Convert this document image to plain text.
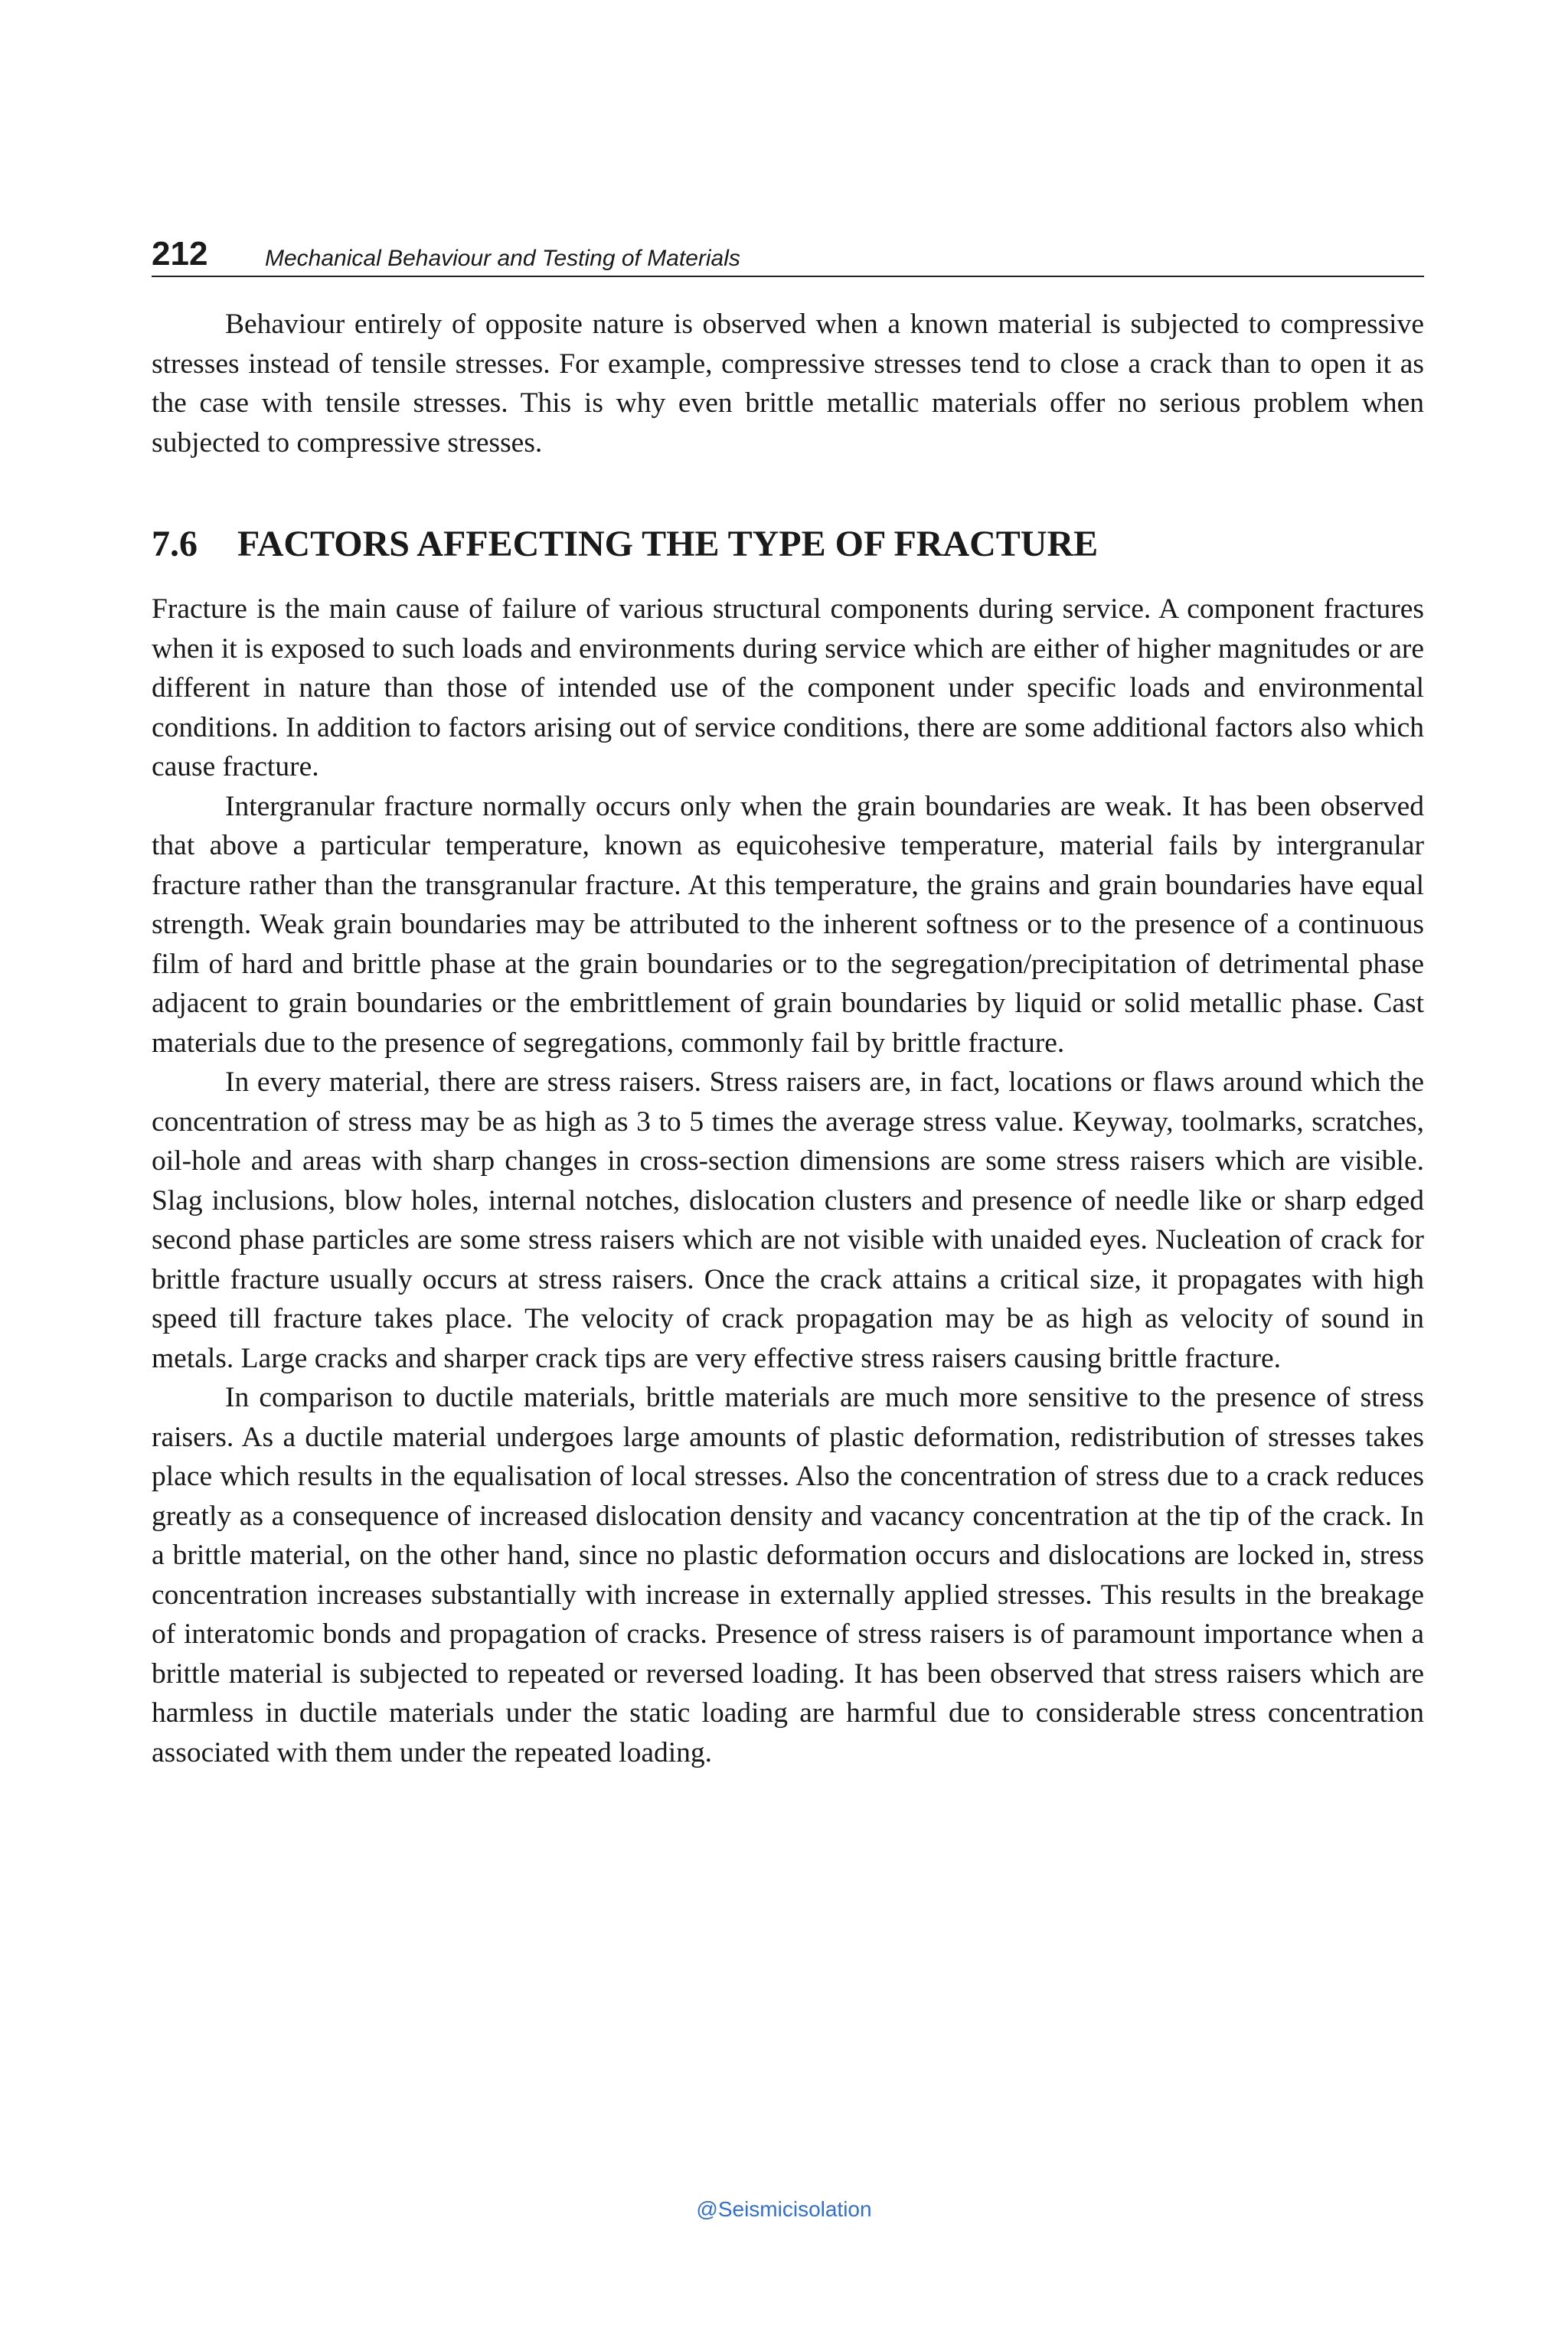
212 Mechanical Behaviour and Testing of Materials

Behaviour entirely of opposite nature is observed when a known material is subjected to compressive stresses instead of tensile stresses. For example, compressive stresses tend to close a crack than to open it as the case with tensile stresses. This is why even brittle metallic materials offer no serious problem when subjected to compressive stresses.

7.6 FACTORS AFFECTING THE TYPE OF FRACTURE

Fracture is the main cause of failure of various structural components during service. A component fractures when it is exposed to such loads and environments during service which are either of higher magnitudes or are different in nature than those of intended use of the component under specific loads and environmental conditions. In addition to factors arising out of service conditions, there are some additional factors also which cause fracture.

Intergranular fracture normally occurs only when the grain boundaries are weak. It has been observed that above a particular temperature, known as equicohesive temperature, material fails by intergranular fracture rather than the transgranular fracture. At this temperature, the grains and grain boundaries have equal strength. Weak grain boundaries may be attributed to the inherent softness or to the presence of a continuous film of hard and brittle phase at the grain boundaries or to the segregation/precipitation of detrimental phase adjacent to grain boundaries or the embrittlement of grain boundaries by liquid or solid metallic phase. Cast materials due to the presence of segregations, commonly fail by brittle fracture.

In every material, there are stress raisers. Stress raisers are, in fact, locations or flaws around which the concentration of stress may be as high as 3 to 5 times the average stress value. Keyway, toolmarks, scratches, oil-hole and areas with sharp changes in cross-section dimensions are some stress raisers which are visible. Slag inclusions, blow holes, internal notches, dislocation clusters and presence of needle like or sharp edged second phase particles are some stress raisers which are not visible with unaided eyes. Nucleation of crack for brittle fracture usually occurs at stress raisers. Once the crack attains a critical size, it propagates with high speed till fracture takes place. The velocity of crack propagation may be as high as velocity of sound in metals. Large cracks and sharper crack tips are very effective stress raisers causing brittle fracture.

In comparison to ductile materials, brittle materials are much more sensitive to the presence of stress raisers. As a ductile material undergoes large amounts of plastic deformation, redistribution of stresses takes place which results in the equalisation of local stresses. Also the concentration of stress due to a crack reduces greatly as a consequence of increased dislocation density and vacancy concentration at the tip of the crack. In a brittle material, on the other hand, since no plastic deformation occurs and dislocations are locked in, stress concentration increases substantially with increase in externally applied stresses. This results in the breakage of interatomic bonds and propagation of cracks. Presence of stress raisers is of paramount importance when a brittle material is subjected to repeated or reversed loading. It has been observed that stress raisers which are harmless in ductile materials under the static loading are harmful due to considerable stress concentration associated with them under the repeated loading.

@Seismicisolation
